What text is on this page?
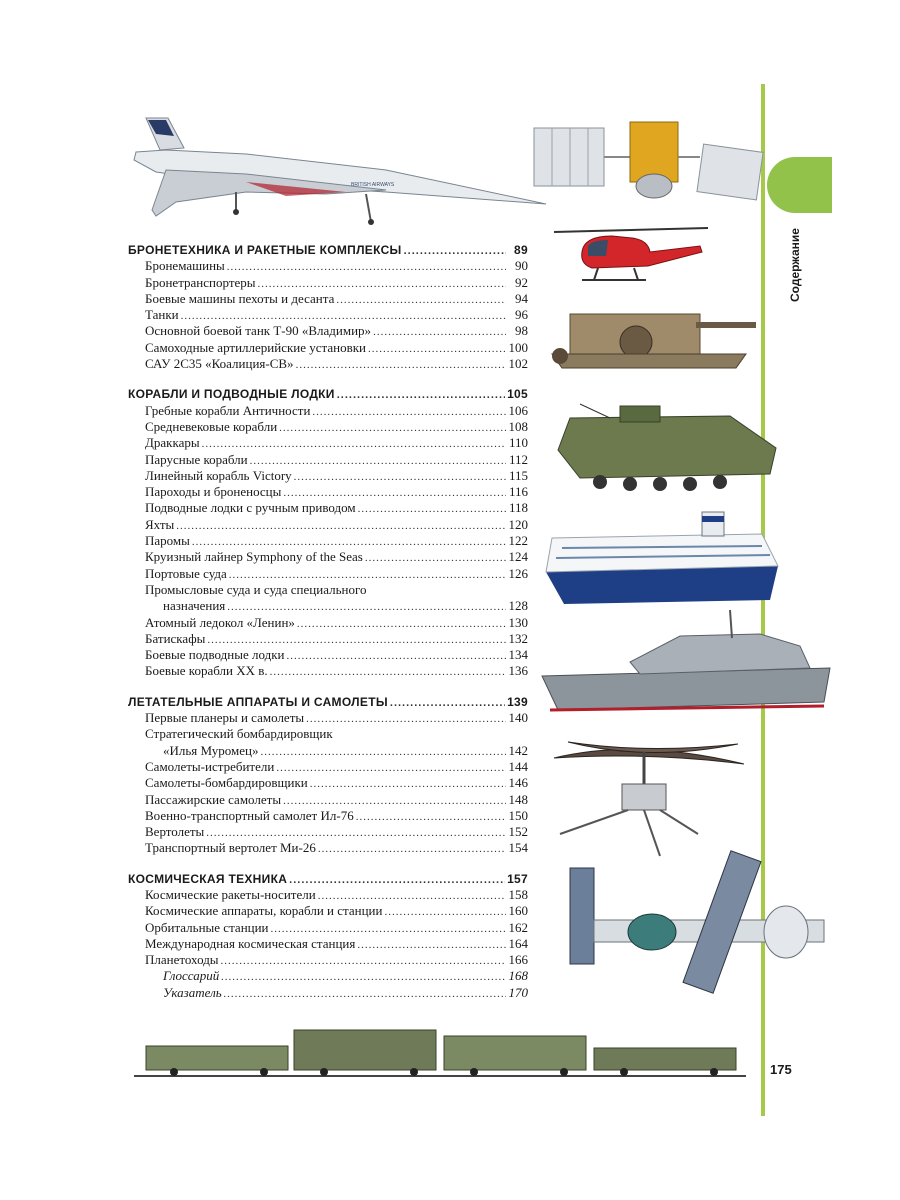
Содержание
175
BRITISH AIRWAYS
БРОНЕТЕХНИКА И РАКЕТНЫЕ КОМПЛЕКСЫ .....	89
Бронемашины .....	90
Бронетранспортеры .....	92
Боевые машины пехоты и десанта .....	94
Танки .....	96
Основной боевой танк Т-90 «Владимир» .....	98
Самоходные артиллерийские установки .....	100
САУ 2С35 «Коалиция-СВ» .....	102
КОРАБЛИ И ПОДВОДНЫЕ ЛОДКИ .....	105
Гребные корабли Античности .....	106
Средневековые корабли .....	108
Драккары .....	110
Парусные корабли .....	112
Линейный корабль Victory .....	115
Пароходы и броненосцы .....	116
Подводные лодки с ручным приводом .....	118
Яхты .....	120
Паромы .....	122
Круизный лайнер Symphony of the Seas .....	124
Портовые суда .....	126
Промысловые суда и суда специального
назначения .....	128
Атомный ледокол «Ленин» .....	130
Батискафы .....	132
Боевые подводные лодки .....	134
Боевые корабли XX в. .....	136
ЛЕТАТЕЛЬНЫЕ АППАРАТЫ И САМОЛЕТЫ .....	139
Первые планеры и самолеты .....	140
Стратегический бомбардировщик
«Илья Муромец» .....	142
Самолеты-истребители .....	144
Самолеты-бомбардировщики .....	146
Пассажирские самолеты .....	148
Военно-транспортный самолет Ил-76 .....	150
Вертолеты .....	152
Транспортный вертолет Ми-26 .....	154
КОСМИЧЕСКАЯ ТЕХНИКА .....	157
Космические ракеты-носители .....	158
Космические аппараты, корабли и станции .....	160
Орбитальные станции .....	162
Международная космическая станция .....	164
Планетоходы .....	166
Глоссарий .....	168
Указатель .....	170
